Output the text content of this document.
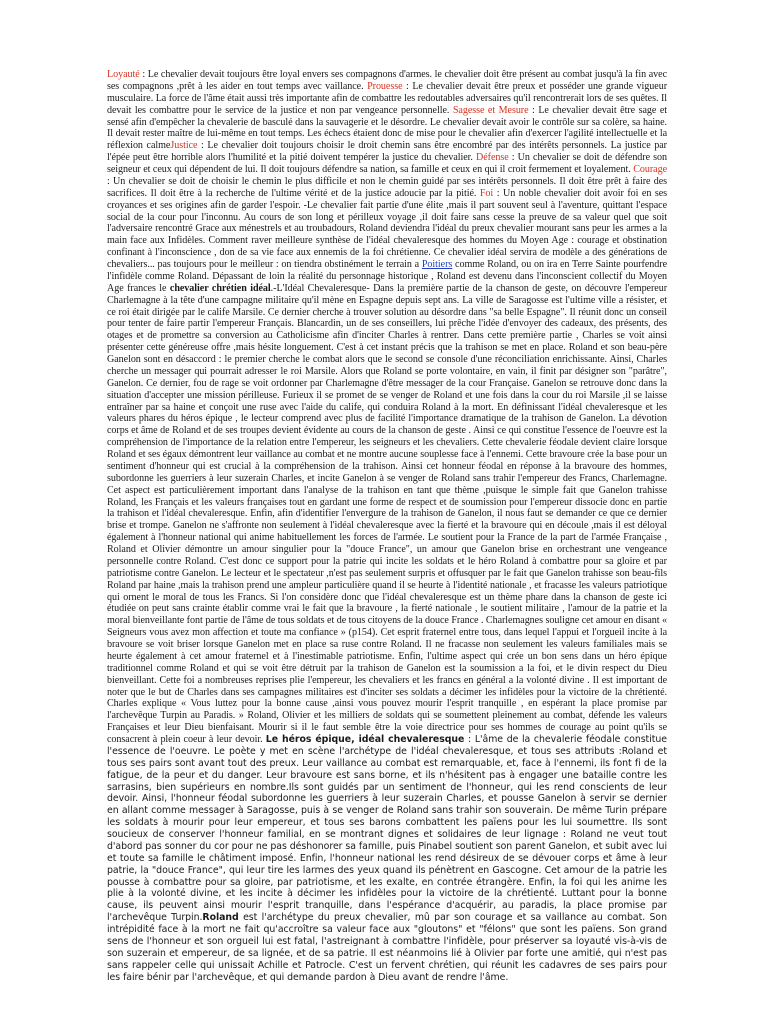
Loyauté : Le chevalier devait toujours être loyal envers ses compagnons d'armes. le chevalier doit être présent au combat jusqu'à la fin avec ses compagnons ,prêt à les aider en tout temps avec vaillance. Prouesse : Le chevalier devait être preux et posséder une grande vigueur musculaire. La force de l'âme était aussi très importante afin de combattre les redoutables adversaires qu'il rencontrerait lors de ses quêtes. Il devait les combattre pour le service de la justice et non par vengeance personnelle. Sagesse et Mesure : Le chevalier devait être sage et sensé afin d'empêcher la chevalerie de basculé dans la sauvagerie et le désordre. Le chevalier devait avoir le contrôle sur sa colère, sa haine. Il devait rester maître de lui-même en tout temps. Les échecs étaient donc de mise pour le chevalier afin d'exercer l'agilité intellectuelle et la réflexion calmeJustice : Le chevalier doit toujours choisir le droit chemin sans être encombré par des intérêts personnels. La justice par l'épée peut être horrible alors l'humilité et la pitié doivent tempérer la justice du chevalier. Défense : Un chevalier se doit de défendre son seigneur et ceux qui dépendent de lui. Il doit toujours défendre sa nation, sa famille et ceux en qui il croit fermement et loyalement. Courage : Un chevalier se doit de choisir le chemin le plus difficile et non le chemin guidé par ses intérêts personnels. Il doit être prêt à faire des sacrifices. Il doit être à la recherche de l'ultime vérité et de la justice adoucie par la pitié. Foi : Un noble chevalier doit avoir foi en ses croyances et ses origines afin de garder l'espoir. -Le chevalier fait partie d'une élite ,mais il part souvent seul à l'aventure, quittant l'espace social de la cour pour l'inconnu. Au cours de son long et périlleux voyage ,il doit faire sans cesse la preuve de sa valeur quel que soit l'adversaire rencontré Grace aux ménestrels et au troubadours, Roland deviendra l'idéal du preux chevalier mourant sans peur les armes a la main face aux Infidèles. Comment raver meilleure synthèse de l'idéal chevaleresque des hommes du Moyen Age : courage et obstination confinant à l'inconscience , don de sa vie face aux ennemis de la foi chrétienne. Ce chevalier idéal servira de modèle a des générations de chevaliers... pas toujours pour le meilleur : on tiendra obstinément le terrain a Poitiers comme Roland, ou on ira en Terre Sainte pourfendre l'infidèle comme Roland. Dépassant de loin la réalité du personnage historique , Roland est devenu dans l'inconscient collectif du Moyen Age frances le chevalier chrétien idéal.-L'Idéal Chevaleresque- Dans la première partie de la chanson de geste, on découvre l'empereur Charlemagne à la tête d'une campagne militaire qu'il mène en Espagne depuis sept ans. La ville de Saragosse est l'ultime ville a résister, et ce roi était dirigée par le calife Marsile. Ce dernier cherche à trouver solution au désordre dans "sa belle Espagne". Il réunit donc un conseil pour tenter de faire partir l'empereur Français. Blancardin, un de ses conseillers, lui prêche l'idée d'envoyer des cadeaux, des présents, des otages et de promettre sa conversion au Catholicisme afin d'inciter Charles à rentrer. Dans cette première partie , Charles se voit ainsi présenter cette généreuse offre ,mais hésite longuement. C'est à cet instant précis que la trahison se met en place. Roland et son beau-père Ganelon sont en désaccord : le premier cherche le combat alors que le second se console d'une réconciliation enrichissante. Ainsi, Charles cherche un messager qui pourrait adresser le roi Marsile. Alors que Roland se porte volontaire, en vain, il finit par désigner son "parâtre", Ganelon. Ce dernier, fou de rage se voit ordonner par Charlemagne d'être messager de la cour Française. Ganelon se retrouve donc dans la situation d'accepter une mission périlleuse. Furieux il se promet de se venger de Roland et une fois dans la cour du roi Marsile ,il se laisse entraîner par sa haine et conçoit une ruse avec l'aide du calife, qui conduira Roland à la mort. En définissant l'idéal chevaleresque et les valeurs phares du héros épique , le lecteur comprend avec plus de facilité l'importance dramatique de la trahison de Ganelon. La dévotion corps et âme de Roland et de ses troupes devient évidente au cours de la chanson de geste . Ainsi ce qui constitue l'essence de l'oeuvre est la compréhension de l'importance de la relation entre l'empereur, les seigneurs et les chevaliers. Cette chevalerie féodale devient claire lorsque Roland et ses égaux démontrent leur vaillance au combat et ne montre aucune souplesse face à l'ennemi. Cette bravoure crée la base pour un sentiment d'honneur qui est crucial à la compréhension de la trahison. Ainsi cet honneur féodal en réponse à la bravoure des hommes, subordonne les guerriers à leur suzerain Charles, et incite Ganelon à se venger de Roland sans trahir l'empereur des Francs, Charlemagne. Cet aspect est particulièrement important dans l'analyse de la trahison en tant que thème ,puisque le simple fait que Ganelon trahisse Roland, les Français et les valeurs françaises tout en gardant une forme de respect et de soumission pour l'empereur dissocie donc en partie la trahison et l'idéal chevaleresque. Enfin, afin d'identifier l'envergure de la trahison de Ganelon, il nous faut se demander ce que ce dernier brise et trompe. Ganelon ne s'affronte non seulement à l'idéal chevaleresque avec la fierté et la bravoure qui en découle ,mais il est déloyal également à l'honneur national qui anime habituellement les forces de l'armée. Le soutient pour la France de la part de l'armée Française , Roland et Olivier démontre un amour singulier pour la "douce France", un amour que Ganelon brise en orchestrant une vengeance personnelle contre Roland. C'est donc ce support pour la patrie qui incite les soldats et le héro Roland à combattre pour sa gloire et par patriotisme contre Ganelon. Le lecteur et le spectateur ,n'est pas seulement surpris et offusquer par le fait que Ganelon trahisse son beau-fils Roland par haine ,mais la trahison prend une ampleur particulière quand il se heurte à l'identité nationale , et fracasse les valeurs patriotique qui ornent le moral de tous les Francs. Si l'on considère donc que l'idéal chevaleresque est un thème phare dans la chanson de geste ici étudiée on peut sans crainte établir comme vrai le fait que la bravoure , la fierté nationale , le soutient militaire , l'amour de la patrie et la moral bienveillante font partie de l'âme de tous soldats et de tous citoyens de la douce France . Charlemagnes souligne cet amour en disant « Seigneurs vous avez mon affection et toute ma confiance » (p154). Cet esprit fraternel entre tous, dans lequel l'appui et l'orgueil incite à la bravoure se voit briser lorsque Ganelon met en place sa ruse contre Roland. Il ne fracasse non seulement les valeurs familiales mais se heurte également à cet amour fraternel et à l'inestimable patriotisme. Enfin, l'ultime aspect qui crée un bon sens dans un héro épique traditionnel comme Roland et qui se voit être détruit par la trahison de Ganelon est la soumission a la foi, et le divin respect du Dieu bienveillant. Cette foi a nombreuses reprises plie l'empereur, les chevaliers et les francs en général a la volonté divine . Il est important de noter que le but de Charles dans ses campagnes militaires est d'inciter ses soldats a décimer les infidèles pour la victoire de la chrétienté. Charles explique « Vous luttez pour la bonne cause ,ainsi vous pouvez mourir l'esprit tranquille , en espérant la place promise par l'archevêque Turpin au Paradis. » Roland, Olivier et les milliers de soldats qui se soumettent pleinement au combat, défende les valeurs Françaises et leur Dieu bienfaisant. Mourir si il le faut semble être la voie directrice pour ses hommes de courage au point qu'ils se consacrent à plein coeur à leur devoir. Le héros épique, idéal chevaleresque : L'âme de la chevalerie féodale constitue l'essence de l'oeuvre. Le poète y met en scène l'archétype de l'idéal chevaleresque, et tous ses attributs :Roland et tous ses pairs sont avant tout des preux. Leur vaillance au combat est remarquable, et, face à l'ennemi, ils font fi de la fatigue, de la peur et du danger. Leur bravoure est sans borne, et ils n'hésitent pas à engager une bataille contre les sarrasins, bien supérieurs en nombre.Ils sont guidés par un sentiment de l'honneur, qui les rend conscients de leur devoir. Ainsi, l'honneur féodal subordonne les guerriers à leur suzerain Charles, et pousse Ganelon à servir se dernier en allant comme messager à Saragosse, puis à se venger de Roland sans trahir son souverain. De même Turin prépare les soldats à mourir pour leur empereur, et tous ses barons combattent les païens pour les lui soumettre. Ils sont soucieux de conserver l'honneur familial, en se montrant dignes et solidaires de leur lignage : Roland ne veut tout d'abord pas sonner du cor pour ne pas déshonorer sa famille, puis Pinabel soutient son parent Ganelon, et subit avec lui et toute sa famille le châtiment imposé. Enfin, l'honneur national les rend désireux de se dévouer corps et âme à leur patrie, la "douce France", qui leur tire les larmes des yeux quand ils pénètrent en Gascogne. Cet amour de la patrie les pousse à combattre pour sa gloire, par patriotisme, et les exalte, en contrée étrangère. Enfin, la foi qui les anime les plie à la volonté divine, et les incite à décimer les infidèles pour la victoire de la chrétienté. Luttant pour la bonne cause, ils peuvent ainsi mourir l'esprit tranquille, dans l'espérance d'acquérir, au paradis, la place promise par l'archevêque Turpin.Roland est l'archétype du preux chevalier, mû par son courage et sa vaillance au combat. Son intrépidité face à la mort ne fait qu'accroître sa valeur face aux "gloutons" et "félons" que sont les païens. Son grand sens de l'honneur et son orgueil lui est fatal, l'astreignant à combattre l'infidèle, pour préserver sa loyauté vis-à-vis de son suzerain et empereur, de sa lignée, et de sa patrie. Il est néanmoins lié à Olivier par forte une amitié, qui n'est pas sans rappeler celle qui unissait Achille et Patrocle. C'est un fervent chrétien, qui réunit les cadavres de ses pairs pour les faire bénir par l'archevêque, et qui demande pardon à Dieu avant de rendre l'âme.
